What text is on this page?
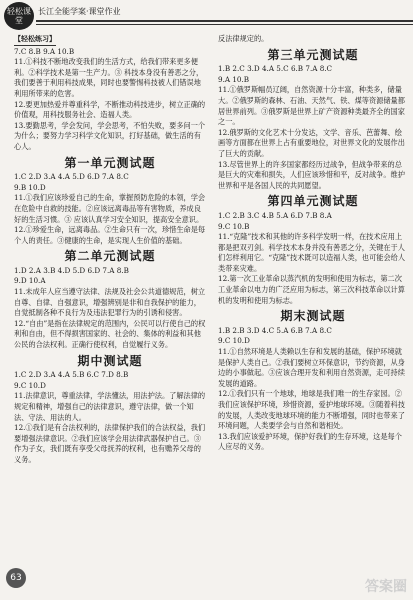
轻松课堂
长江全能学案·课堂作业
【轻松练习】

7.C 8.B 9.A 10.B

11.①科技不断地改变我们的生活方式，给我们带来更多便利。②科学技术是第一生产力。③ 科技本身没有善恶之分，我们要善于利用科技成果，同时也要警惕科技被人们错误地利用所带来的危害。

12.要更加热爱并尊重科学，不断推动科技进步，树立正确的价值观，用科技服务社会、造福人类。

13.要勤思考，学会发问，学会思考，不怕失败，要多问一个为什么；要努力学习科学文化知识，打好基础，做生活的有心人。

第一单元测试题

1.C 2.D 3.A 4.A 5.D 6.D 7.A 8.C

9.B 10.D

11.①我们应该珍爱自己的生命，掌握预防危险的本领，学会在危险中自救的技能。②应该远离毒品等有害物质，养成良好的生活习惯。③ 应该认真学习安全知识，提高安全意识。

12.①珍爱生命，远离毒品。②生命只有一次，珍惜生命是每个人的责任。③健康的生命，是实现人生价值的基础。

第二单元测试题

1.D 2.A 3.B 4.D 5.D 6.D 7.A 8.B

9.D 10.A

11.未成年人应当遵守法律、法规及社会公共道德规范，树立自尊、自律、自强意识，增强辨别是非和自我保护的能力，自觉抵制各种不良行为及违法犯罪行为的引诱和侵害。

12.“自由”是指在法律规定的范围内，公民可以行使自己的权利和自由，但不得损害国家的、社会的、集体的利益和其他公民的合法权利。正确行使权利，自觉履行义务。

期中测试题

1.C 2.D 3.A 4.A 5.B 6.C 7.D 8.B

9.C 10.D

11.法律意识，尊重法律，学法懂法，用法护法。了解法律的规定和精神，增强自己的法律意识，遵守法律，做一个知法、守法、用法的人。

12.①我们是有合法权利的，法律保护我们的合法权益，我们要增强法律意识。②我们应该学会用法律武器保护自己。③作为子女，我们既有享受父母抚养的权利，也有赡养父母的义务。

反法律规定的。

第三单元测试题

1.B 2.C 3.D 4.A 5.C 6.B 7.A 8.C

9.A 10.B

11.①俄罗斯幅员辽阔，自然资源十分丰富，种类多，储量大。②俄罗斯的森林、石油、天然气、铁、煤等资源储量都居世界前列。③俄罗斯是世界上矿产资源种类最齐全的国家之一。

12.俄罗斯的文化艺术十分发达，文学、音乐、芭蕾舞、绘画等方面都在世界上占有重要地位，对世界文化的发展作出了巨大的贡献。

13.尽管世界上的许多国家都经历过战争，但战争带来的总是巨大的灾难和损失，人们应该珍惜和平，反对战争。维护世界和平是各国人民的共同愿望。

第四单元测试题

1.C 2.B 3.C 4.B 5.A 6.D 7.B 8.A

9.C 10.B

11.“克隆”技术和其他的许多科学发明一样，在技术应用上都是把双刃剑。科学技术本身并没有善恶之分，关键在于人们怎样利用它。“克隆”技术既可以造福人类，也可能会给人类带来灾难。

12.第一次工业革命以蒸汽机的发明和使用为标志，第二次工业革命以电力的广泛应用为标志，第三次科技革命以计算机的发明和使用为标志。

期末测试题

1.B 2.B 3.D 4.C 5.A 6.B 7.A 8.C

9.C 10.D

11.①自然环境是人类赖以生存和发展的基础，保护环境就是保护人类自己。②我们要树立环保意识，节约资源，从身边的小事做起。③应该合理开发和利用自然资源，走可持续发展的道路。

12.①我们只有一个地球，地球是我们唯一的生存家园。②我们应该保护环境，珍惜资源，爱护地球环境。③随着科技的发展，人类改变地球环境的能力不断增强，同时也带来了环境问题，人类要学会与自然和谐相处。

13.我们应该爱护环境，保护好我们的生存环境，这是每个人应尽的义务。

63
答案圈
